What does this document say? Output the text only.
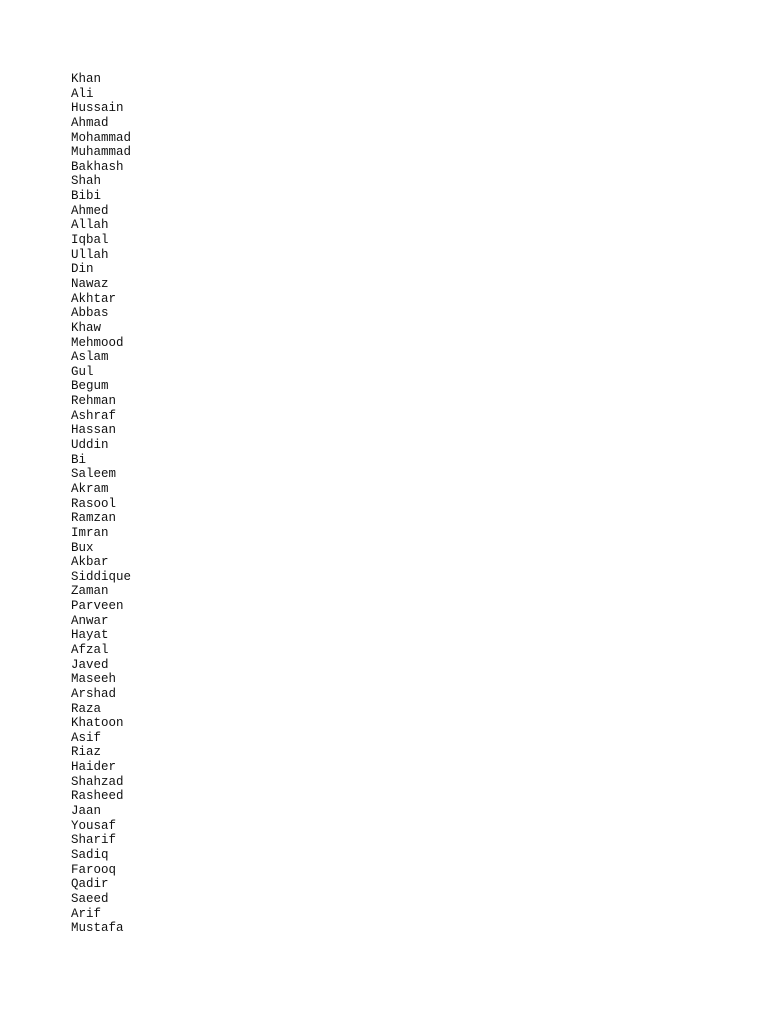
Khan
Ali
Hussain
Ahmad
Mohammad
Muhammad
Bakhash
Shah
Bibi
Ahmed
Allah
Iqbal
Ullah
Din
Nawaz
Akhtar
Abbas
Khaw
Mehmood
Aslam
Gul
Begum
Rehman
Ashraf
Hassan
Uddin
Bi
Saleem
Akram
Rasool
Ramzan
Imran
Bux
Akbar
Siddique
Zaman
Parveen
Anwar
Hayat
Afzal
Javed
Maseeh
Arshad
Raza
Khatoon
Asif
Riaz
Haider
Shahzad
Rasheed
Jaan
Yousaf
Sharif
Sadiq
Farooq
Qadir
Saeed
Arif
Mustafa
